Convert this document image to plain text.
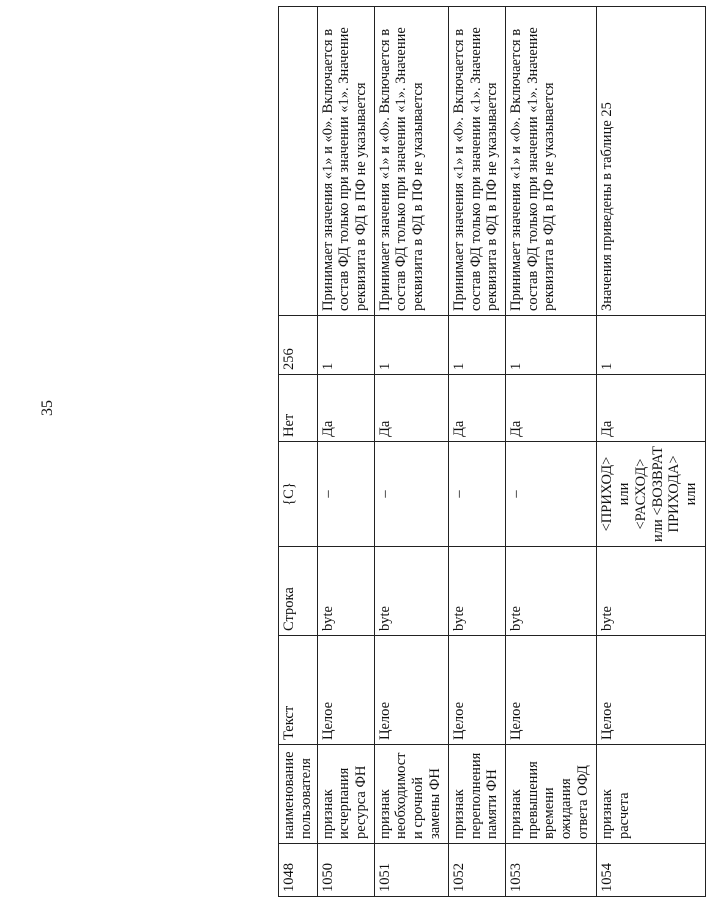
35
1048	наименование пользователя	Текст	Строка	{С}	Нет	256	
1050	признак исчерпания ресурса ФН	Целое	byte	–	Да	1	Принимает значения «1» и «0». Включается в состав ФД только при значении «1». Значение реквизита в ФД в ПФ не указывается
1051	признак необходимости срочной замены ФН	Целое	byte	–	Да	1	Принимает значения «1» и «0». Включается в состав ФД только при значении «1». Значение реквизита в ФД в ПФ не указывается
1052	признак переполнения памяти ФН	Целое	byte	–	Да	1	Принимает значения «1» и «0». Включается в состав ФД только при значении «1». Значение реквизита в ФД в ПФ не указывается
1053	признак превышения времени ожидания ответа ОФД	Целое	byte	–	Да	1	Принимает значения «1» и «0». Включается в состав ФД только при значении «1». Значение реквизита в ФД в ПФ не указывается
1054	признак расчета	Целое	byte	<ПРИХОД> или <РАСХОД> или <ВОЗВРАТ ПРИХОДА> или	Да	1	Значения приведены в таблице 25
